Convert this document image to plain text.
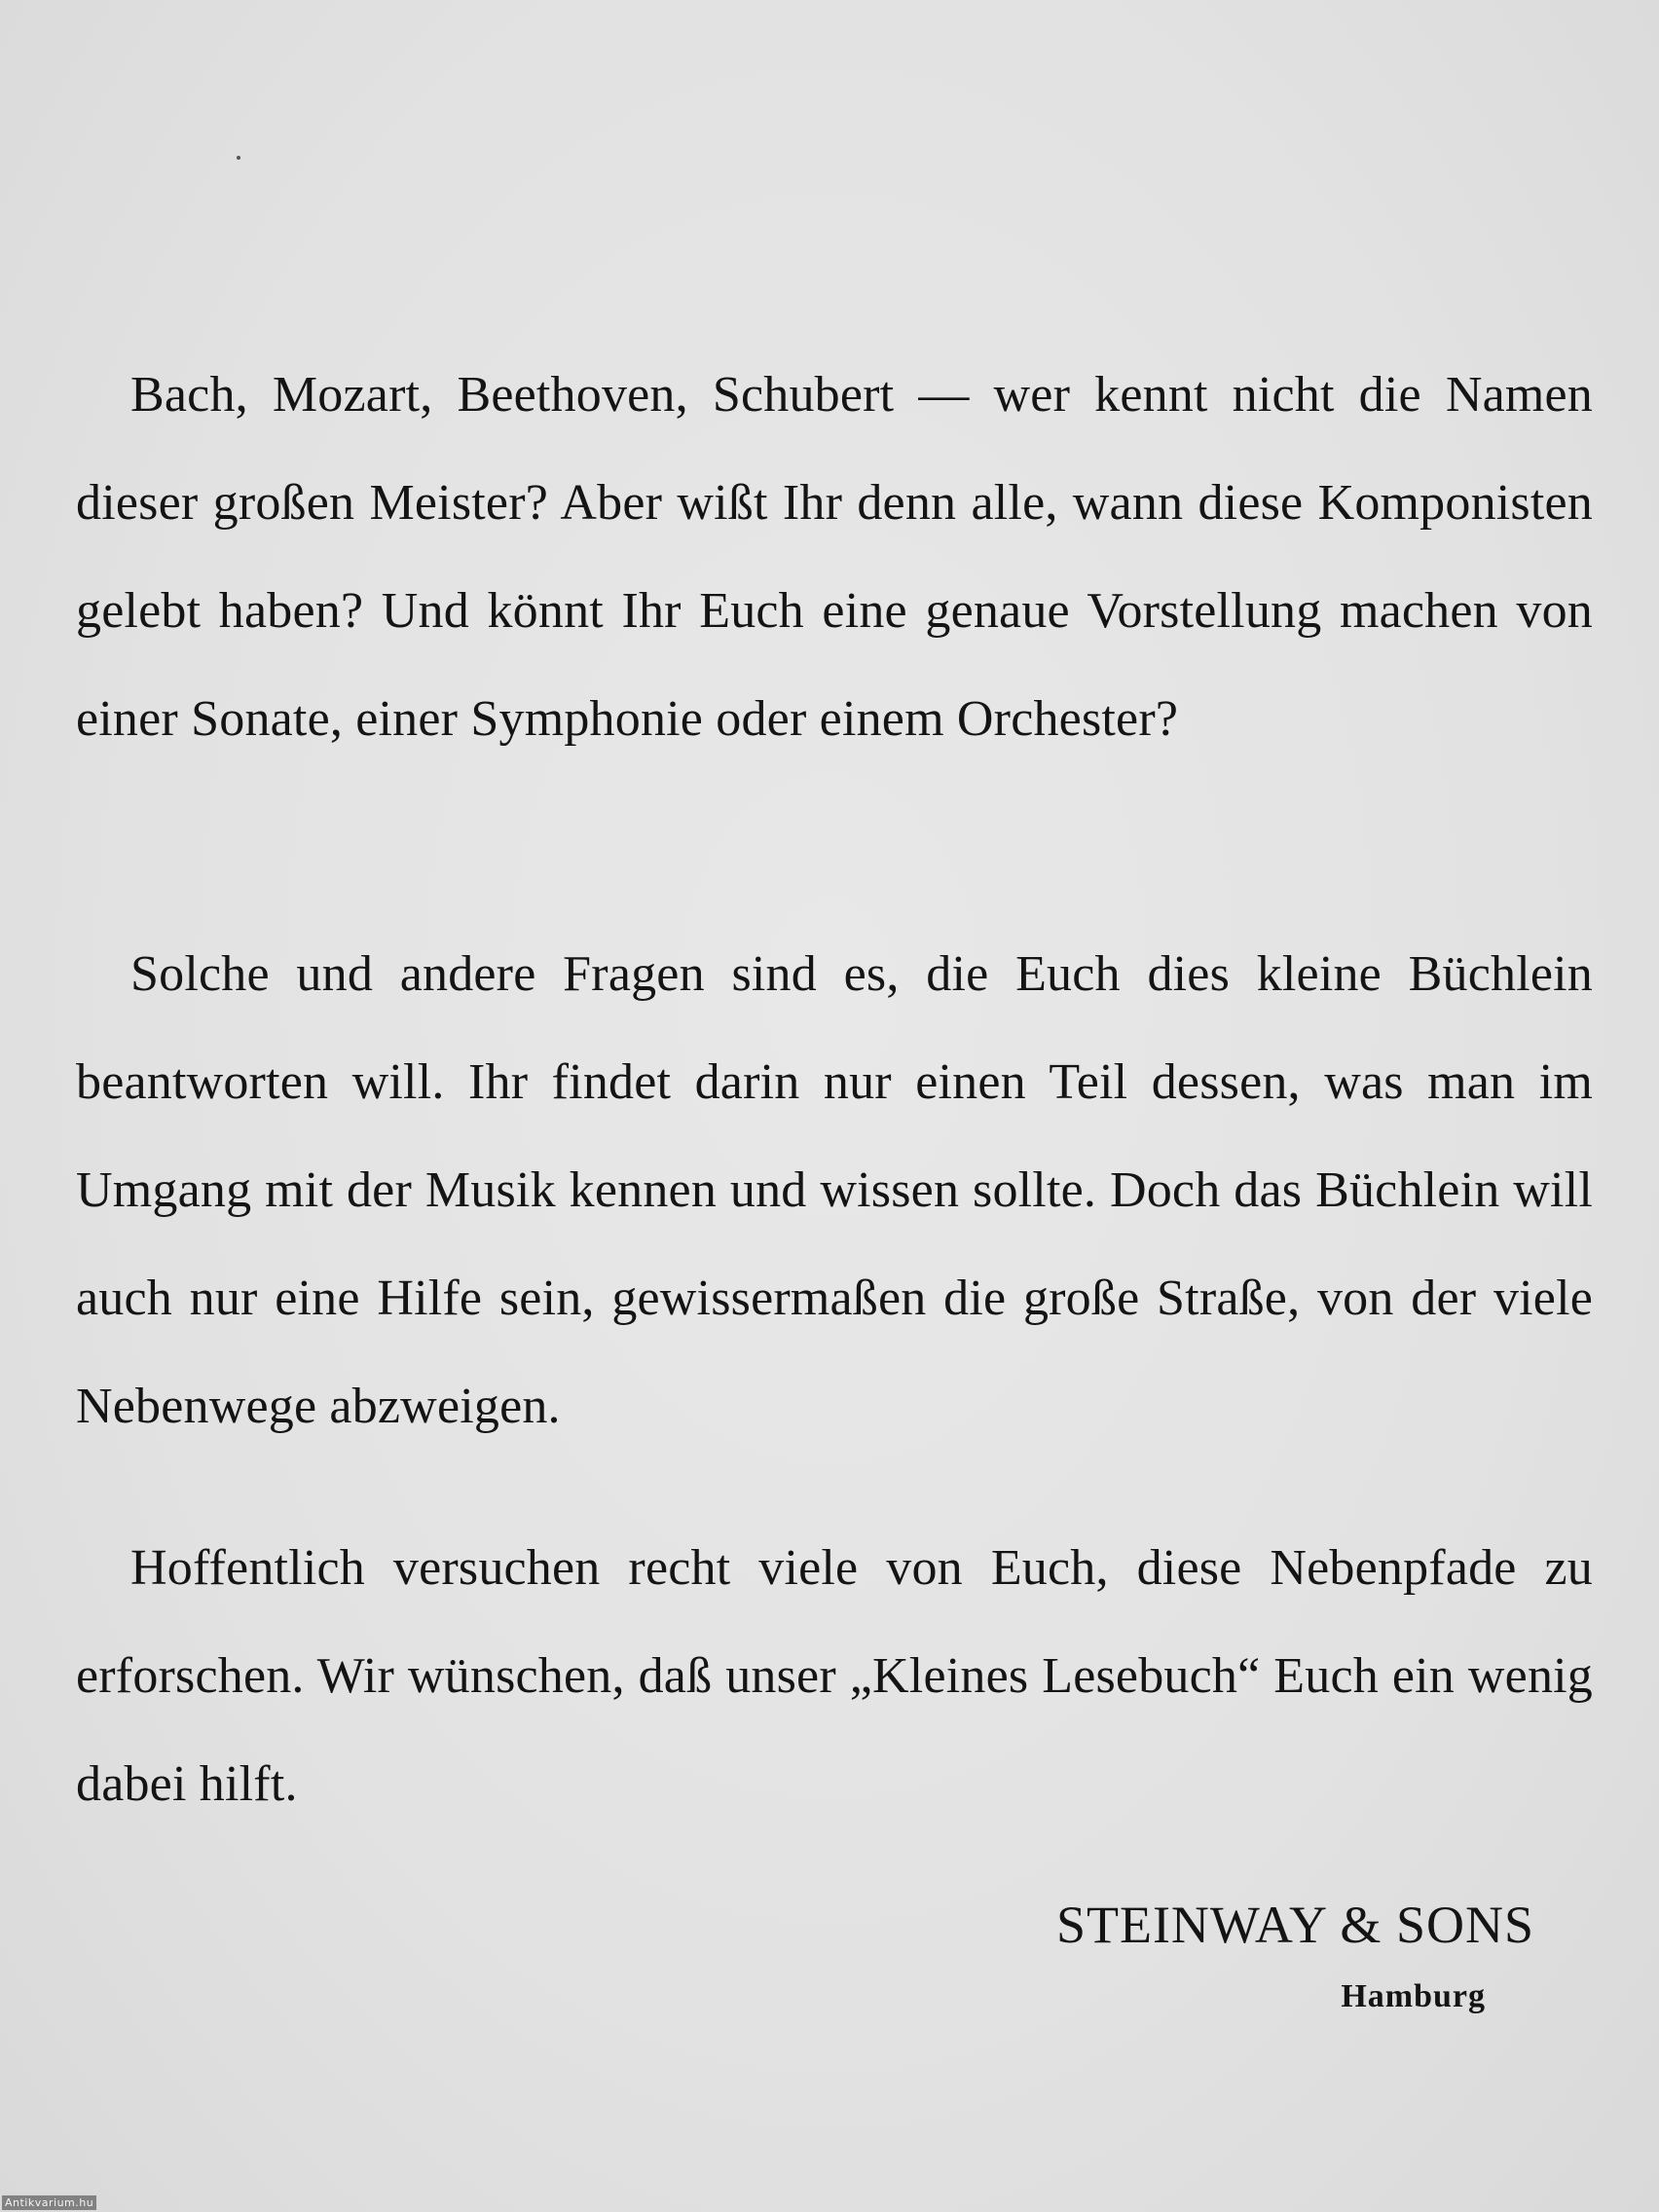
Bach, Mozart, Beethoven, Schubert — wer kennt nicht die Namen dieser großen Meister? Aber wißt Ihr denn alle, wann diese Komponisten gelebt haben? Und könnt Ihr Euch eine genaue Vorstellung machen von einer Sonate, einer Symphonie oder einem Orchester?

Solche und andere Fragen sind es, die Euch dies kleine Büchlein beantworten will. Ihr findet darin nur einen Teil dessen, was man im Umgang mit der Musik kennen und wissen sollte. Doch das Büchlein will auch nur eine Hilfe sein, gewissermaßen die große Straße, von der viele Nebenwege abzweigen.

Hoffentlich versuchen recht viele von Euch, diese Nebenpfade zu erforschen. Wir wünschen, daß unser „Kleines Lesebuch“ Euch ein wenig dabei hilft.

STEINWAY & SONS
Hamburg
Antikvarium.hu
